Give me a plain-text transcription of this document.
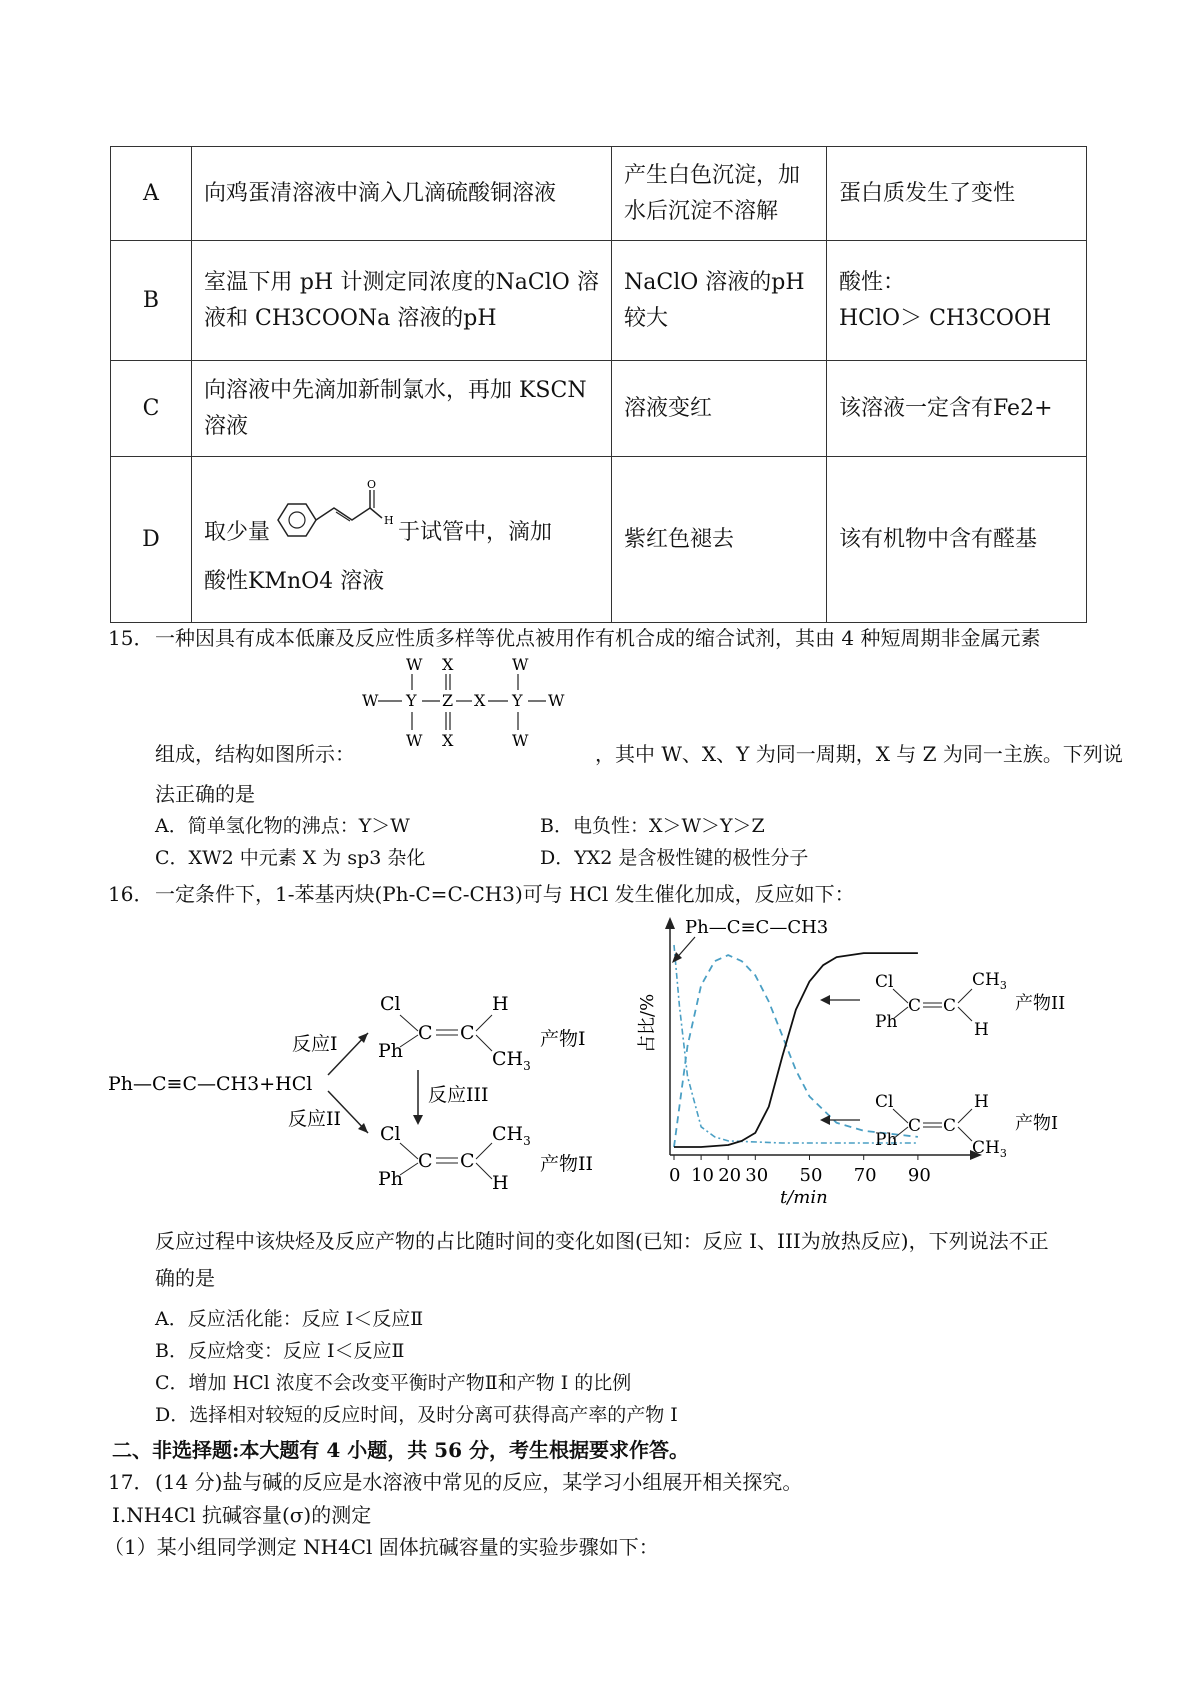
A	向鸡蛋清溶液中滴入几滴硫酸铜溶液	产生白色沉淀，加水后沉淀不溶解	蛋白质发生了变性
B	室温下用 pH 计测定同浓度的NaClO 溶液和 CH3COONa 溶液的pH	NaClO 溶液的pH 较大	酸性：
HClO＞ CH3COOH

C	向溶液中先滴加新制氯水，再加 KSCN溶液	溶液变红	该溶液一定含有Fe2+
D	取少量
O
H 于试管中，滴加
酸性KMnO4 溶液	紫红色褪去	该有机物中含有醛基
15． 一种因具有成本低廉及反应性质多样等优点被用作有机合成的缩合试剂，其由 4 种短周期非金属元素
W X	W
W Y Z X Y W
W X	W
组成，结构如图所示：	，其中 W、X、Y 为同一周期，X 与 Z 为同一主族。下列说
法正确的是
A．简单氢化物的沸点：Y＞W	B．电负性：X＞W＞Y＞Z
C．XW2 中元素 X 为 sp3 杂化	D．YX2 是含极性键的极性分子
16． 一定条件下，1-苯基丙炔(Ph-C=C-CH3)可与 HCl 发生催化加成，反应如下：
Ph—C≡C—CH3+HCl
反应I
反应II
Cl
Ph
C C
H
$CH_3$
产物I
反应III
Cl
Ph
C C
$CH_3$
H
产物II
占比/%
t/min
0 10 20 30 50 70 90
Ph—C≡C—CH3
Cl
Ph
C C
$CH_3$
H
产物II
Cl
Ph
C C
H
$CH_3$
产物I
反应过程中该炔烃及反应产物的占比随时间的变化如图(已知：反应 I、III为放热反应)，下列说法不正
确的是
A．反应活化能：反应 I＜反应Ⅱ
B．反应焓变：反应 I＜反应Ⅱ
C．增加 HCl 浓度不会改变平衡时产物Ⅱ和产物 I 的比例
D．选择相对较短的反应时间，及时分离可获得高产率的产物 I
二、非选择题:本大题有 4 小题，共 56 分，考生根据要求作答。
17． (14 分)盐与碱的反应是水溶液中常见的反应，某学习小组展开相关探究。
Ⅰ.NH4Cl 抗碱容量(σ)的测定
（1）某小组同学测定 NH4Cl 固体抗碱容量的实验步骤如下：
